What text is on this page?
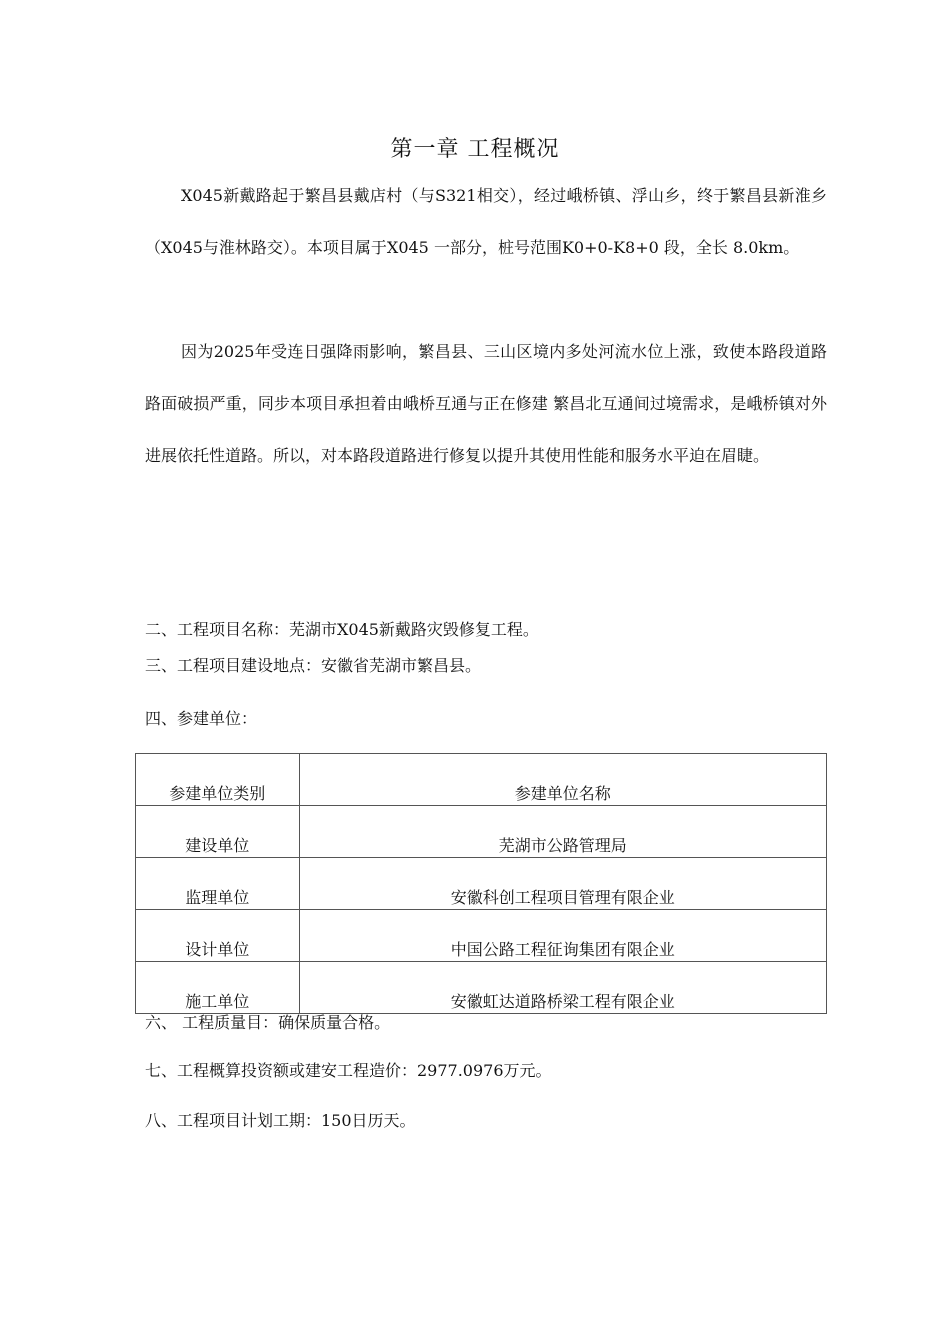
第一章 工程概况

X045新戴路起于繁昌县戴店村（与S321相交），经过峨桥镇、浮山乡，终于繁昌县新淮乡（X045与淮林路交）。本项目属于X045 一部分，桩号范围K0+0-K8+0 段，全长 8.0km。

因为2025年受连日强降雨影响，繁昌县、三山区境内多处河流水位上涨，致使本路段道路路面破损严重，同步本项目承担着由峨桥互通与正在修建 繁昌北互通间过境需求，是峨桥镇对外进展依托性道路。所以，对本路段道路进行修复以提升其使用性能和服务水平迫在眉睫。

二、工程项目名称：芜湖市X045新戴路灾毁修复工程。
三、工程项目建设地点：安徽省芜湖市繁昌县。
四、参建单位：
参建单位类别	参建单位名称
建设单位	芜湖市公路管理局
监理单位	安徽科创工程项目管理有限企业
设计单位	中国公路工程征询集团有限企业
施工单位	安徽虹达道路桥梁工程有限企业
六、 工程质量目：确保质量合格。
七、工程概算投资额或建安工程造价：2977.0976万元。
八、工程项目计划工期：150日历天。
